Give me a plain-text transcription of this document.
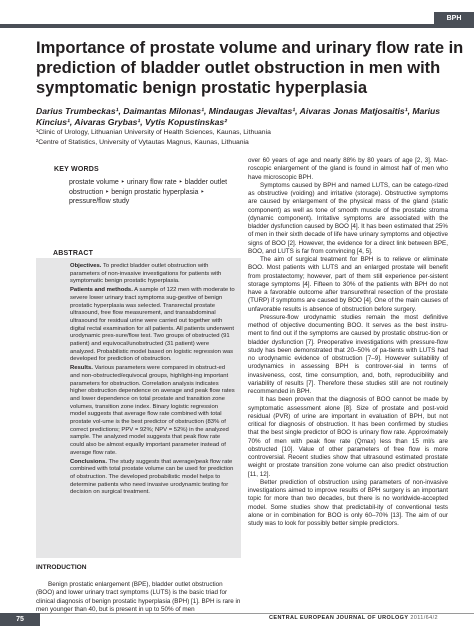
BPH
Importance of prostate volume and urinary flow rate in prediction of bladder outlet obstruction in men with symptomatic benign prostatic hyperplasia
Darius Trumbeckas¹, Daimantas Milonas¹, Mindaugas Jievaltas¹, Aivaras Jonas Matjosaitis¹, Marius Kincius¹, Aivaras Grybas¹, Vytis Kopustinskas²
¹Clinic of Urology, Lithuanian University of Health Sciences, Kaunas, Lithuania
²Centre of Statistics, University of Vytautas Magnus, Kaunas, Lithuania
KEY WORDS
prostate volume ‣ urinary flow rate ‣ bladder outlet obstruction ‣ benign prostatic hyperplasia ‣ pressure/flow study
ABSTRACT

Objectives. To predict bladder outlet obstruction with parameters of non-invasive investigations for patients with symptomatic benign prostatic hyperplasia.

Patients and methods. A sample of 122 men with moderate to severe lower urinary tract symptoms sug-gestive of benign prostatic hyperplasia was selected. Transrectal prostate ultrasound, free flow measurement, and transabdominal ultrasound for residual urine were carried out together with digital rectal examination for all patients. All patients underwent urodynamic pres-sure/flow test. Two groups of obstructed (91 patient) and equivocal/unobstructed (31 patient) were analyzed. Probabilistic model based on logistic regression was developed for prediction of obstruction.

Results. Various parameters were compared in obstruct-ed and non-obstructed/equivocal groups, highlight-ing important parameters for obstruction. Correlation analysis indicates higher obstruction dependence on average and peak flow rates and lower dependence on total prostate and transition zone volumes, transition zone index. Binary logistic regression model suggests that average flow rate combined with total prostate vol-ume is the best predictor of obstruction (83% of correct predictions; PPV = 92%; NPV = 52%) in the analyzed sample. The analyzed model suggests that peak flow rate could also be almost equally important parameter instead of average flow rate.

Conclusions. The study suggests that average/peak flow rate combined with total prostate volume can be used for prediction of obstruction. The developed probabilistic model helps to determine patients who need invasive urodynamic testing for decision on surgical treatment.

INTRODUCTION

Benign prostatic enlargement (BPE), bladder outlet obstruction (BOO) and lower urinary tract symptoms (LUTS) is the basic triad for clinical diagnosis of benign prostatic hyperplasia (BPH) [1]. BPH is rare in men younger than 40, but is present in up to 50% of men

over 60 years of age and nearly 88% by 80 years of age [2, 3]. Mac-roscopic enlargement of the gland is found in almost half of men who have microscopic BPH.

Symptoms caused by BPH and named LUTS, can be catego-rized as obstructive (voiding) and irritative (storage). Obstructive symptoms are caused by enlargement of the physical mass of the gland (static component) as well as tone of smooth muscle of the prostatic stroma (dynamic component). Irritative symptoms are associated with the bladder dysfunction caused by BOO [4]. It has been estimated that 25% of men in their sixth decade of life have urinary symptoms and objective signs of BOO [2]. However, the evidence for a direct link between BPE, BOO, and LUTS is far from convincing [4, 5].

The aim of surgical treatment for BPH is to relieve or eliminate BOO. Most patients with LUTS and an enlarged prostate will benefit from prostatectomy; however, part of them still experience per-sistent storage symptoms [4]. Fifteen to 30% of the patients with BPH do not have a favorable outcome after transurethral resection of the prostate (TURP) if symptoms are caused by BOO [4]. One of the main causes of unfavorable results is absence of obstruction before surgery.

Pressure-flow urodynamic studies remain the most definitive method of objective documenting BOO. It serves as the best instru-ment to find out if the symptoms are caused by prostatic obstruc-tion or bladder dysfunction [7]. Preoperative investigations with pressure-flow study has been demonstrated that 20–50% of pa-tients with LUTS had no urodynamic evidence of obstruction [7–9]. However suitability of urodynamics in assessing BPH is controver-sial in terms of invasiveness, cost, time consumption, and, both, reproducibility and variability of results [7]. Therefore these studies still are not routinely recommended in BPH.

It has been proven that the diagnosis of BOO cannot be made by symptomatic assessment alone [8]. Size of prostate and post-void residual (PVR) of urine are important in evaluation of BPH, but not critical for diagnosis of obstruction. It has been confirmed by studies that the best single predictor of BOO is urinary flow rate. Approximately 70% of men with peak flow rate (Qmax) less than 15 ml/s are obstructed [10]. Value of other parameters of free flow is more controversial. Recent studies show that ultrasound estimated prostate weight or prostate transition zone volume can also predict obstruction [11, 12].

Better prediction of obstruction using parameters of non-invasive investigations aimed to improve results of BPH surgery is an important topic for more than two decades, but there is no worldwide-accepted model. Some studies show that predictabil-ity of conventional tests alone or in combination for BOO is only 60–70% [13]. The aim of our study was to look for possibly better simple predictors.

75	CENTRAL EUROPEAN JOURNAL OF UROLOGY 2011/64/2
